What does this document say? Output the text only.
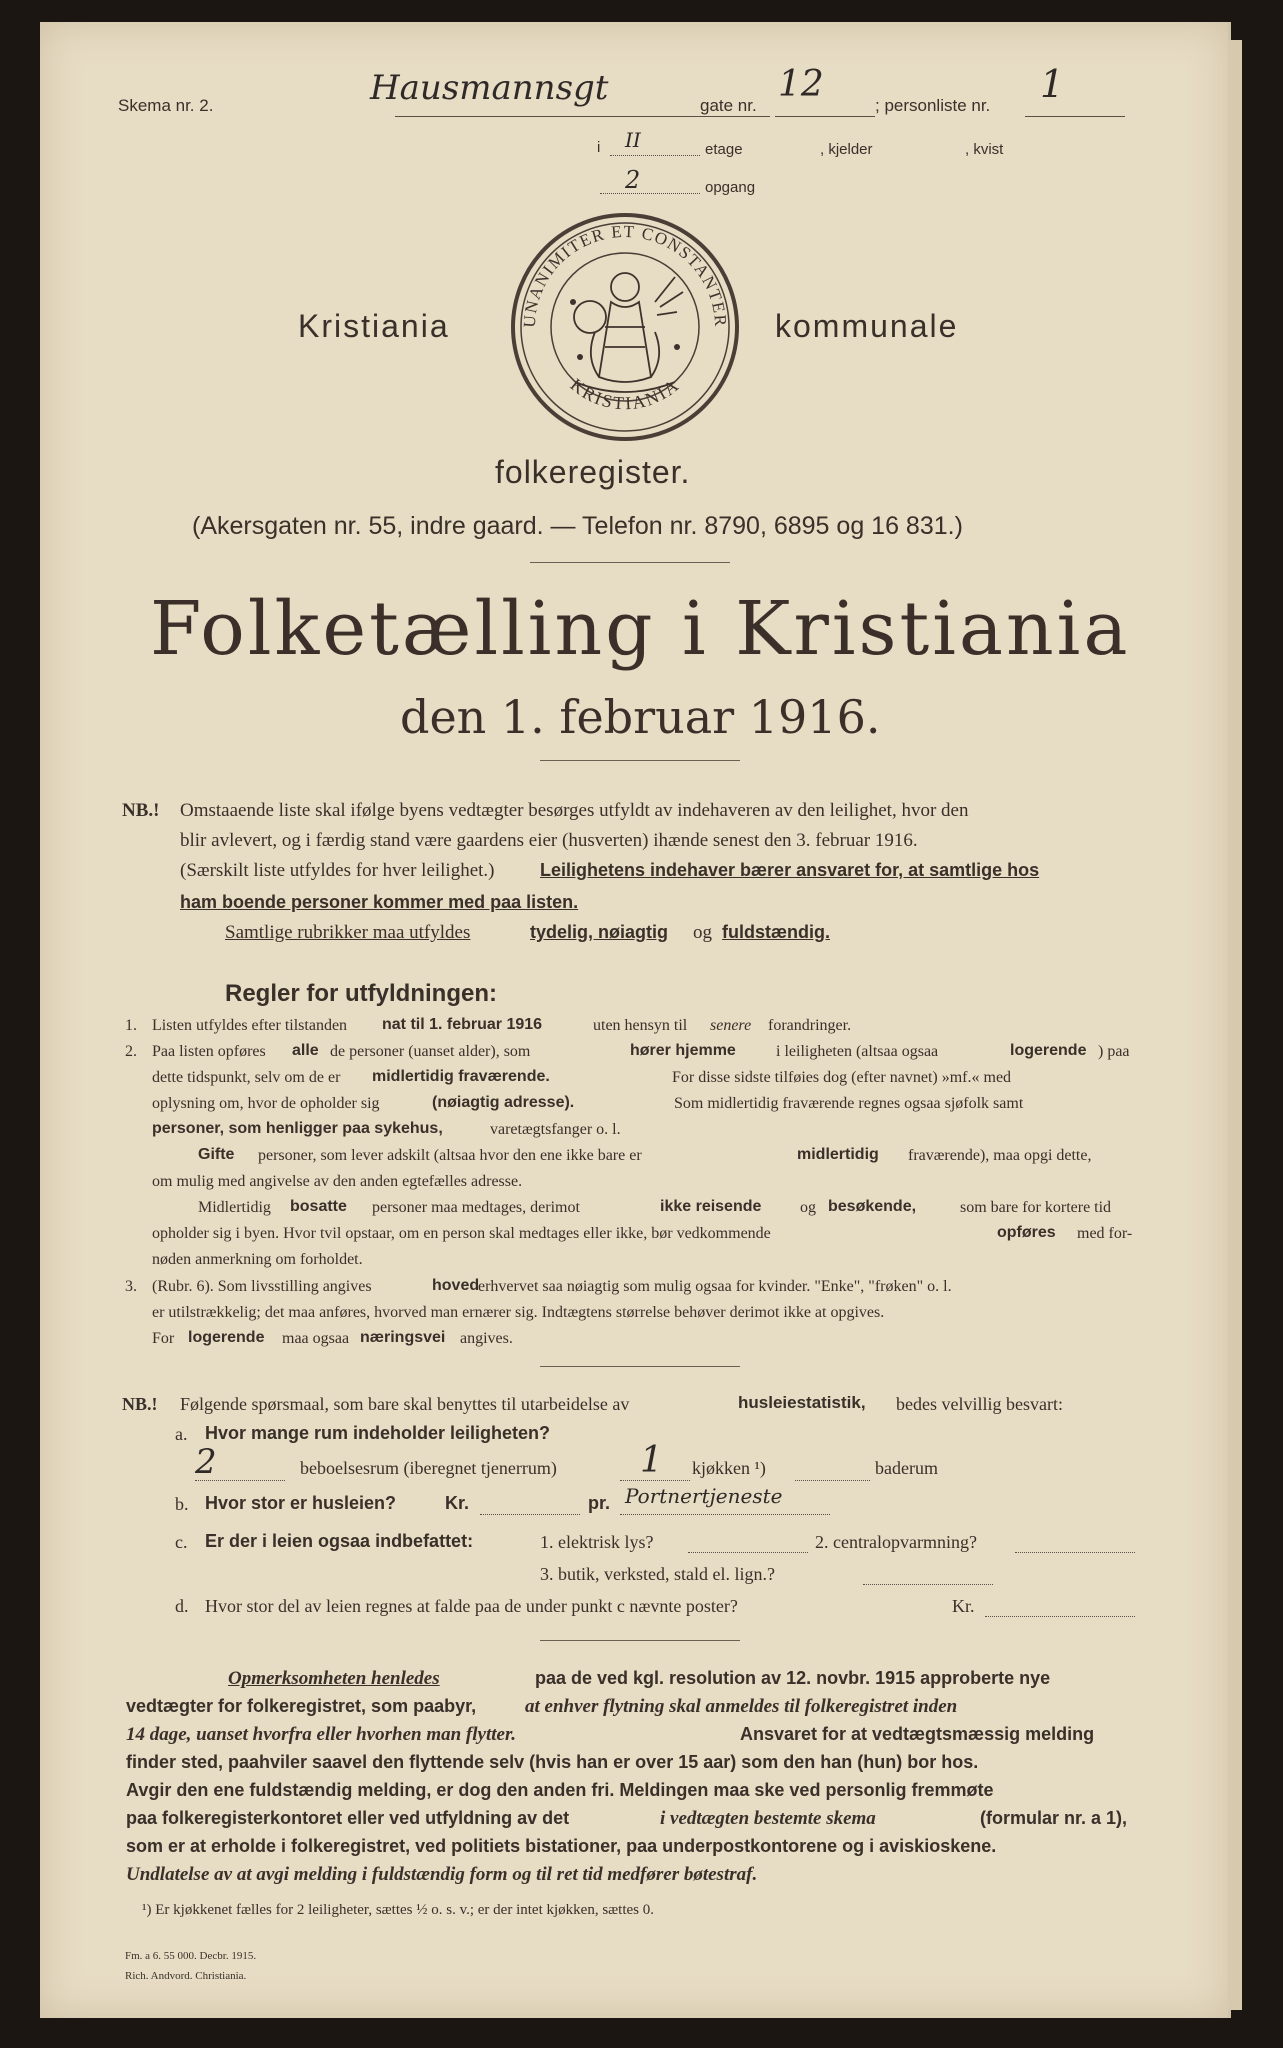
Skema nr. 2.	Hausmannsgt	gate nr.
12
; personliste nr. 1
i II	etage	, kjelder	, kvist
2	opgang
Kristiania	kommunale
UNANIMITER ET CONSTANTER
KRISTIANIA
folkeregister.
(Akersgaten nr. 55, indre gaard. — Telefon nr. 8790, 6895 og 16 831.)
Folketælling i Kristiania
den 1. februar 1916.
NB.! Omstaaende liste skal ifølge byens vedtægter besørges utfyldt av indehaveren av den leilighet, hvor den
blir avlevert, og i færdig stand være gaardens eier (husverten) ihænde senest den 3. februar 1916.
(Særskilt liste utfyldes for hver leilighet.)	Leilighetens indehaver bærer ansvaret for, at samtlige hos
ham boende personer kommer med paa listen.
Samtlige rubrikker maa utfyldes	tydelig, nøiagtig og fuldstændig.
Regler for utfyldningen:
1. Listen utfyldes efter tilstanden nat til 1. februar 1916	uten hensyn til senere forandringer.
2. Paa listen opføres alle de personer (uanset alder), som	hører hjemme	i leiligheten (altsaa ogsaa	logerende ) paa
dette tidspunkt, selv om de er midlertidig fraværende.	For disse sidste tilføies dog (efter navnet) »mf.« med
oplysning om, hvor de opholder sig	(nøiagtig adresse).	Som midlertidig fraværende regnes ogsaa sjøfolk samt
personer, som henligger paa sykehus,	varetægtsfanger o. l.
Gifte personer, som lever adskilt (altsaa hvor den ene ikke bare er	midlertidig fraværende), maa opgi dette,
om mulig med angivelse av den anden egtefælles adresse.
Midlertidig bosatte personer maa medtages, derimot	ikke reisende og besøkende,	som bare for kortere tid
opholder sig i byen. Hvor tvil opstaar, om en person skal medtages eller ikke, bør vedkommende	opføres med for-
nøden anmerkning om forholdet.
3. (Rubr. 6). Som livsstilling angives	hoved
erhvervet saa nøiagtig som mulig ogsaa for kvinder. "Enke", "frøken" o. l.
er utilstrækkelig; det maa anføres, hvorved man ernærer sig. Indtægtens størrelse behøver derimot ikke at opgives.
For logerende maa ogsaa næringsvei angives.
NB.! Følgende spørsmaal, som bare skal benyttes til utarbeidelse av	husleiestatistik, bedes velvillig besvart:
a. Hvor mange rum indeholder leiligheten?
2	beboelsesrum (iberegnet tjenerrum) 1 kjøkken ¹)	baderum
b. Hvor stor er husleien?	Kr.	pr. Portnertjeneste
c. Er der i leien ogsaa indbefattet:	1. elektrisk lys?	2. centralopvarmning?
3. butik, verksted, stald el. lign.?
d. Hvor stor del av leien regnes at falde paa de under punkt c nævnte poster?	Kr.
Opmerksomheten henledes	paa de ved kgl. resolution av 12. novbr. 1915 approberte nye
vedtægter for folkeregistret, som paabyr,	at enhver flytning skal anmeldes til folkeregistret inden
14 dage, uanset hvorfra eller hvorhen man flytter.	Ansvaret for at vedtægtsmæssig melding
finder sted, paahviler saavel den flyttende selv (hvis han er over 15 aar) som den han (hun) bor hos.
Avgir den ene fuldstændig melding, er dog den anden fri. Meldingen maa ske ved personlig fremmøte
paa folkeregisterkontoret eller ved utfyldning av det	i vedtægten bestemte skema	(formular nr. a 1),
som er at erholde i folkeregistret, ved politiets bistationer, paa underpostkontorene og i aviskioskene.
Undlatelse av at avgi melding i fuldstændig form og til ret tid medfører bøtestraf.
¹) Er kjøkkenet fælles for 2 leiligheter, sættes ½ o. s. v.; er der intet kjøkken, sættes 0.
Fm. a 6. 55 000. Decbr. 1915.
Rich. Andvord. Christiania.
